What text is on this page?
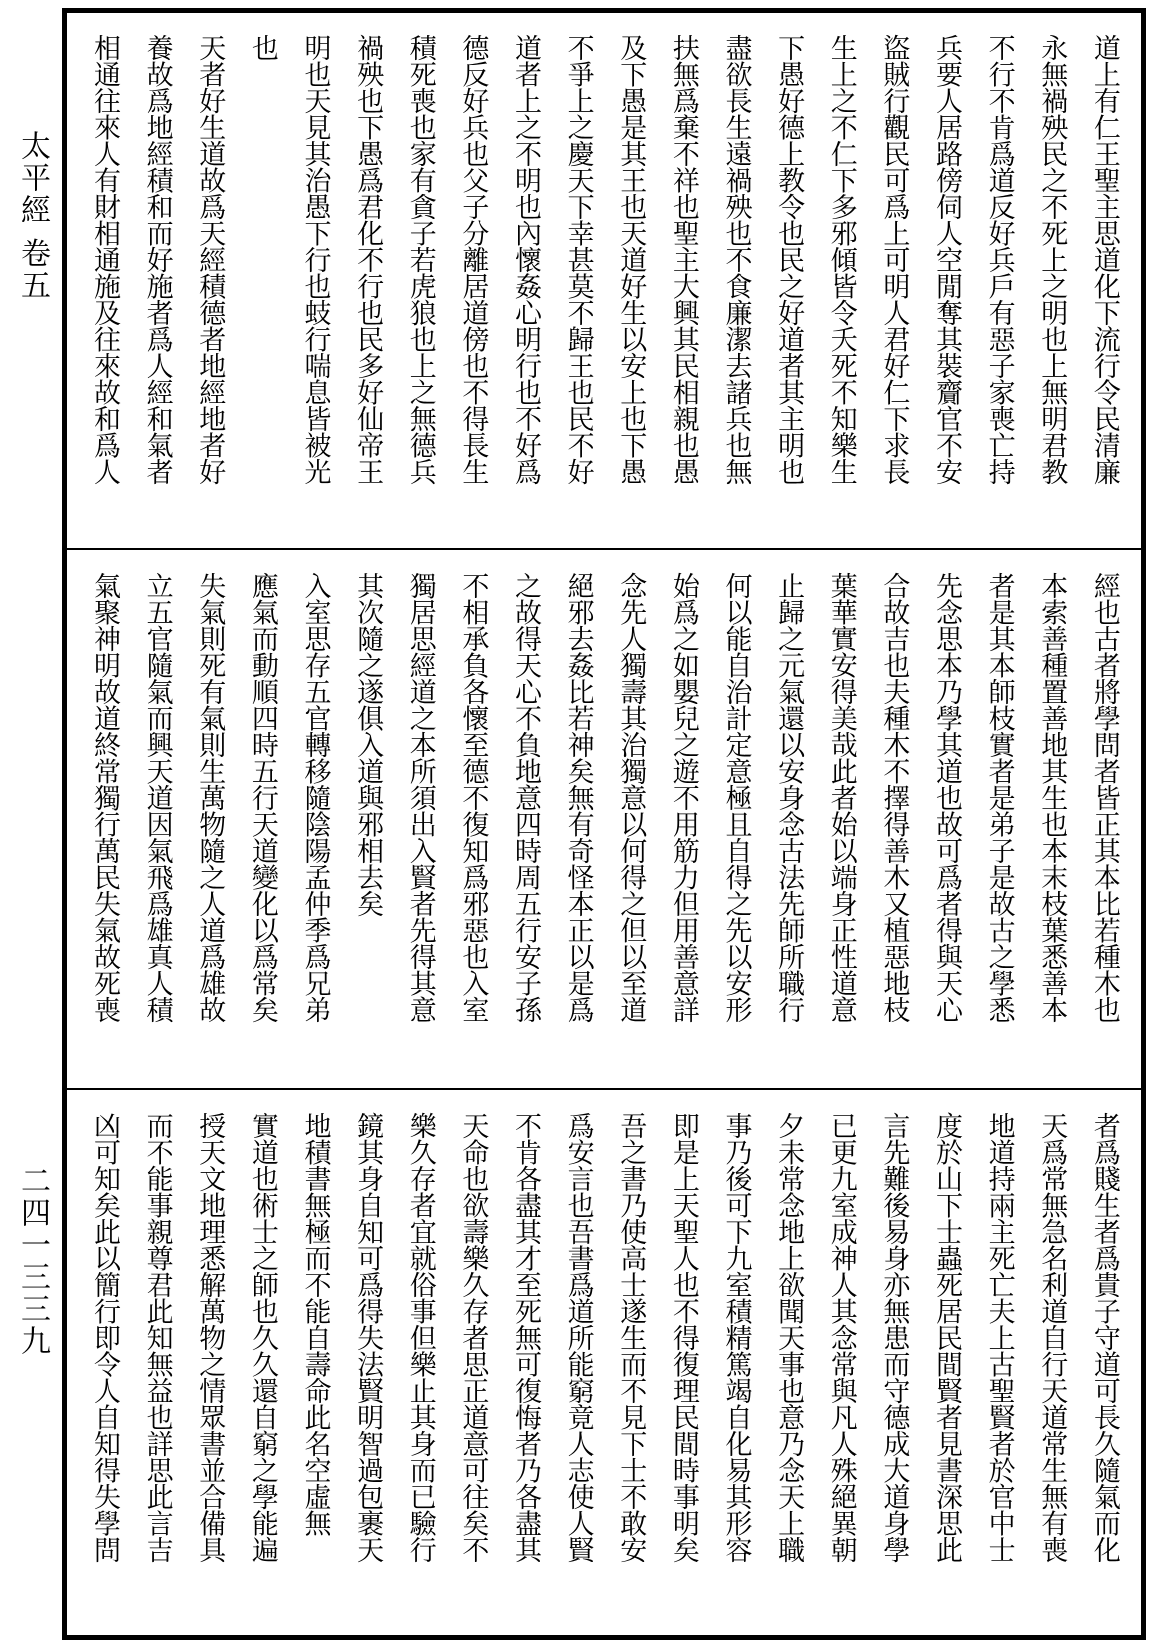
太平經 卷五
二四一三三九
道上有仁王聖主思道化下流行令民清廉
永無禍殃民之不死上之明也上無明君教
不行不肯爲道反好兵戶有惡子家喪亡持
兵要人居路傍伺人空閒奪其裝齎官不安
盜賊行觀民可爲上可明人君好仁下求長
生上之不仁下多邪傾皆令夭死不知樂生
下愚好德上教令也民之好道者其主明也
盡欲長生遠禍殃也不食廉潔去諸兵也無
扶無爲棄不祥也聖主大興其民相親也愚
及下愚是其王也天道好生以安上也下愚
不爭上之慶天下幸甚莫不歸王也民不好
道者上之不明也內懷姦心明行也不好爲
德反好兵也父子分離居道傍也不得長生
積死喪也家有貪子若虎狼也上之無德兵
禍殃也下愚爲君化不行也民多好仙帝王
明也天見其治愚下行也蚑行喘息皆被光
也
天者好生道故爲天經積德者地經地者好
養故爲地經積和而好施者爲人經和氣者
相通往來人有財相通施及往來故和爲人
經也古者將學問者皆正其本比若種木也
本索善種置善地其生也本末枝葉悉善本
者是其本師枝實者是弟子是故古之學悉
先念思本乃學其道也故可爲者得與天心
合故吉也夫種木不擇得善木又植惡地枝
葉華實安得美哉此者始以端身正性道意
止歸之元氣還以安身念古法先師所職行
何以能自治計定意極且自得之先以安形
始爲之如嬰兒之遊不用筋力但用善意詳
念先人獨壽其治獨意以何得之但以至道
絕邪去姦比若神矣無有奇怪本正以是爲
之故得天心不負地意四時周五行安子孫
不相承負各懷至德不復知爲邪惡也入室
獨居思經道之本所須出入賢者先得其意
其次隨之遂俱入道與邪相去矣
入室思存五官轉移隨陰陽孟仲季爲兄弟
應氣而動順四時五行天道變化以爲常矣
失氣則死有氣則生萬物隨之人道爲雄故
立五官隨氣而興天道因氣飛爲雄真人積
氣聚神明故道終常獨行萬民失氣故死喪
者爲賤生者爲貴子守道可長久隨氣而化
天爲常無急名利道自行天道常生無有喪
地道持兩主死亡夫上古聖賢者於官中士
度於山下士蟲死居民間賢者見書深思此
言先難後易身亦無患而守德成大道身學
已更九室成神人其念常與凡人殊絕異朝
夕未常念地上欲聞天事也意乃念天上職
事乃後可下九室積精篤竭自化易其形容
即是上天聖人也不得復理民間時事明矣
吾之書乃使高士遂生而不見下士不敢安
爲安言也吾書爲道所能窮竟人志使人賢
不肯各盡其才至死無可復悔者乃各盡其
天命也欲壽樂久存者思正道意可往矣不
樂久存者宜就俗事但樂止其身而已驗行
鏡其身自知可爲得失法賢明智過包裹天
地積書無極而不能自壽命此名空虛無
實道也術士之師也久久還自窮之學能遍
授天文地理悉解萬物之情眾書並合備具
而不能事親尊君此知無益也詳思此言吉
凶可知矣此以簡行即令人自知得失學問
